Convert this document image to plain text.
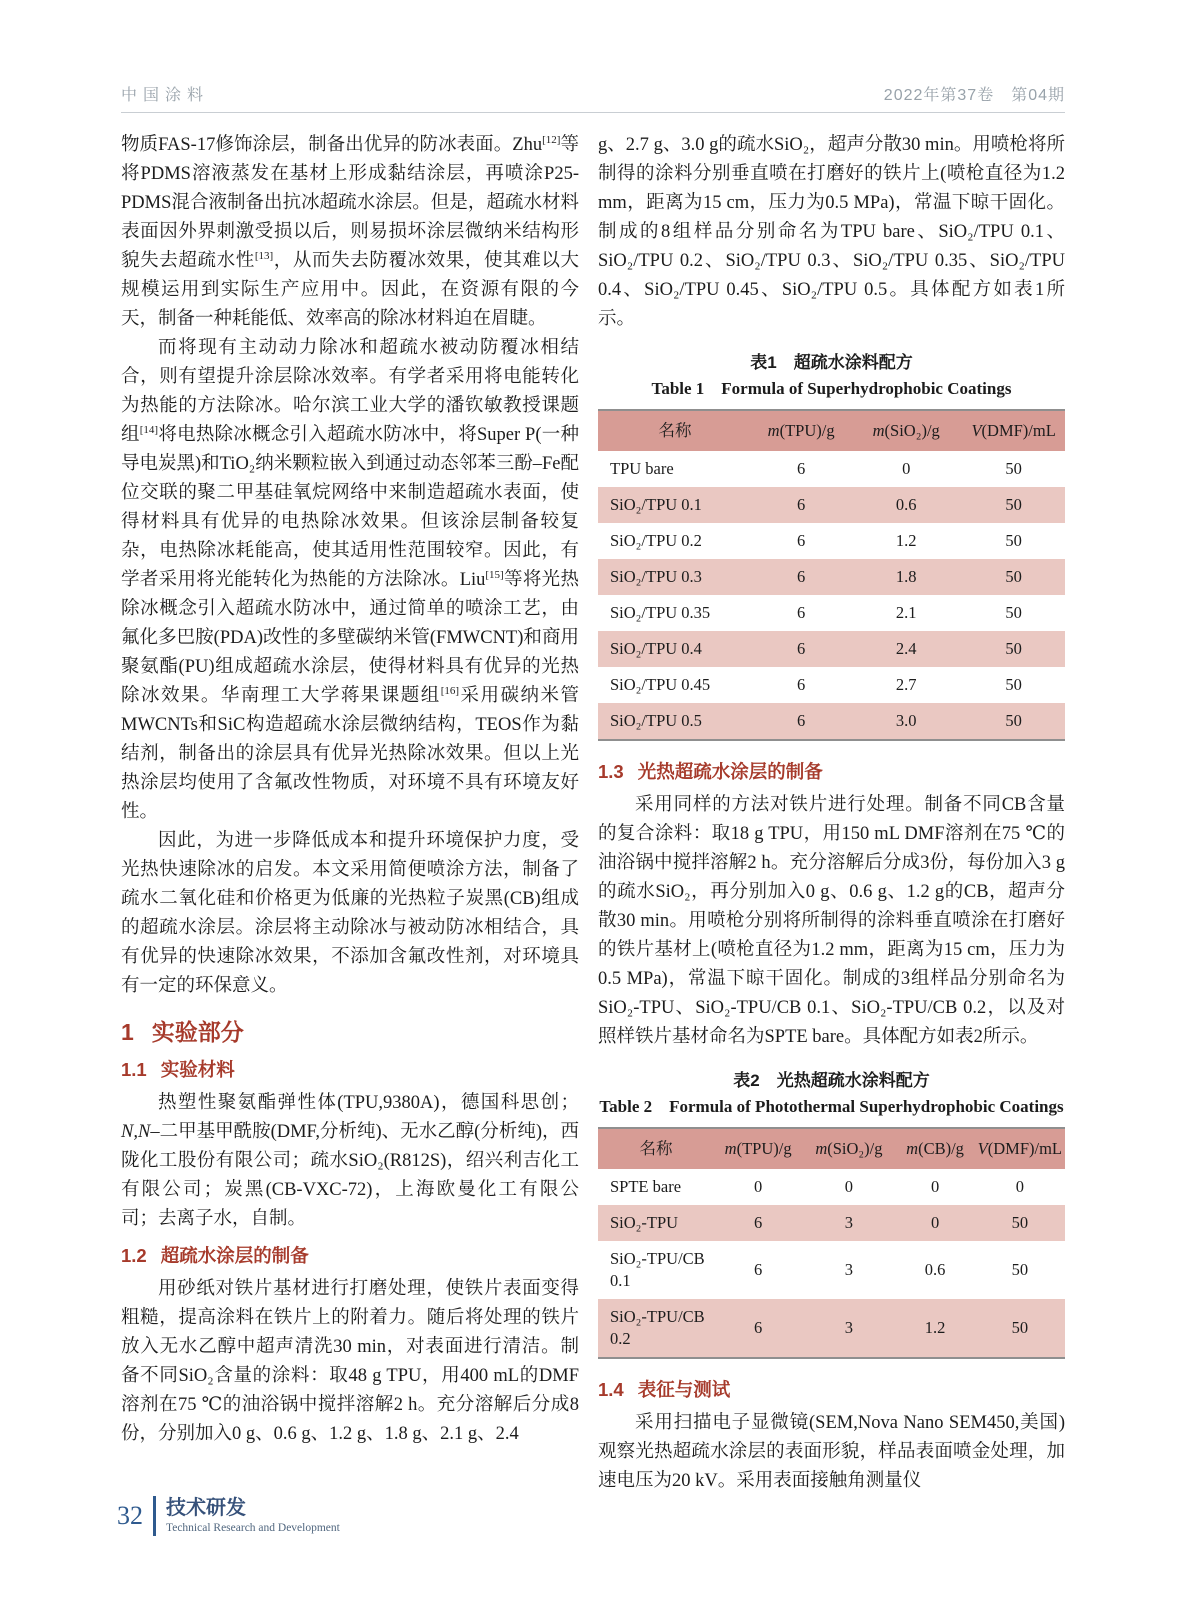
中国涂料	2022年第37卷　第04期

物质FAS-17修饰涂层，制备出优异的防冰表面。Zhu[12]等将PDMS溶液蒸发在基材上形成黏结涂层，再喷涂P25-PDMS混合液制备出抗冰超疏水涂层。但是，超疏水材料表面因外界刺激受损以后，则易损坏涂层微纳米结构形貌失去超疏水性[13]，从而失去防覆冰效果，使其难以大规模运用到实际生产应用中。因此，在资源有限的今天，制备一种耗能低、效率高的除冰材料迫在眉睫。

而将现有主动动力除冰和超疏水被动防覆冰相结合，则有望提升涂层除冰效率。有学者采用将电能转化为热能的方法除冰。哈尔滨工业大学的潘钦敏教授课题组[14]将电热除冰概念引入超疏水防冰中，将Super P(一种导电炭黑)和TiO₂纳米颗粒嵌入到通过动态邻苯三酚–Fe配位交联的聚二甲基硅氧烷网络中来制造超疏水表面，使得材料具有优异的电热除冰效果。但该涂层制备较复杂，电热除冰耗能高，使其适用性范围较窄。因此，有学者采用将光能转化为热能的方法除冰。Liu[15]等将光热除冰概念引入超疏水防冰中，通过简单的喷涂工艺，由氟化多巴胺(PDA)改性的多壁碳纳米管(FMWCNT)和商用聚氨酯(PU)组成超疏水涂层，使得材料具有优异的光热除冰效果。华南理工大学蒋果课题组[16]采用碳纳米管MWCNTs和SiC构造超疏水涂层微纳结构，TEOS作为黏结剂，制备出的涂层具有优异光热除冰效果。但以上光热涂层均使用了含氟改性物质，对环境不具有环境友好性。

因此，为进一步降低成本和提升环境保护力度，受光热快速除冰的启发。本文采用简便喷涂方法，制备了疏水二氧化硅和价格更为低廉的光热粒子炭黑(CB)组成的超疏水涂层。涂层将主动除冰与被动防冰相结合，具有优异的快速除冰效果，不添加含氟改性剂，对环境具有一定的环保意义。

1 实验部分
1.1 实验材料

热塑性聚氨酯弹性体(TPU,9380A)，德国科思创；N,N–二甲基甲酰胺(DMF,分析纯)、无水乙醇(分析纯)，西陇化工股份有限公司；疏水SiO₂(R812S)，绍兴利吉化工有限公司；炭黑(CB-VXC-72)，上海欧曼化工有限公司；去离子水，自制。

1.2 超疏水涂层的制备

用砂纸对铁片基材进行打磨处理，使铁片表面变得粗糙，提高涂料在铁片上的附着力。随后将处理的铁片放入无水乙醇中超声清洗30 min，对表面进行清洁。制备不同SiO₂含量的涂料：取48 g TPU，用400 mL的DMF溶剂在75 ℃的油浴锅中搅拌溶解2 h。充分溶解后分成8份，分别加入0 g、0.6 g、1.2 g、1.8 g、2.1 g、2.4

g、2.7 g、3.0 g的疏水SiO₂，超声分散30 min。用喷枪将所制得的涂料分别垂直喷在打磨好的铁片上(喷枪直径为1.2 mm，距离为15 cm，压力为0.5 MPa)，常温下晾干固化。制成的8组样品分别命名为TPU bare、SiO₂/TPU 0.1、SiO₂/TPU 0.2、SiO₂/TPU 0.3、SiO₂/TPU 0.35、SiO₂/TPU 0.4、SiO₂/TPU 0.45、SiO₂/TPU 0.5。具体配方如表1所示。

表1　超疏水涂料配方
Table 1　Formula of Superhydrophobic Coatings
名称	m(TPU)/g	m(SiO₂)/g	V(DMF)/mL
TPU bare	6	0	50
SiO₂/TPU 0.1	6	0.6	50
SiO₂/TPU 0.2	6	1.2	50
SiO₂/TPU 0.3	6	1.8	50
SiO₂/TPU 0.35	6	2.1	50
SiO₂/TPU 0.4	6	2.4	50
SiO₂/TPU 0.45	6	2.7	50
SiO₂/TPU 0.5	6	3.0	50
1.3 光热超疏水涂层的制备

采用同样的方法对铁片进行处理。制备不同CB含量的复合涂料：取18 g TPU，用150 mL DMF溶剂在75 ℃的油浴锅中搅拌溶解2 h。充分溶解后分成3份，每份加入3 g的疏水SiO₂，再分别加入0 g、0.6 g、1.2 g的CB，超声分散30 min。用喷枪分别将所制得的涂料垂直喷涂在打磨好的铁片基材上(喷枪直径为1.2 mm，距离为15 cm，压力为0.5 MPa)，常温下晾干固化。制成的3组样品分别命名为SiO₂-TPU、SiO₂-TPU/CB 0.1、SiO₂-TPU/CB 0.2，以及对照样铁片基材命名为SPTE bare。具体配方如表2所示。

表2　光热超疏水涂料配方
Table 2　Formula of Photothermal Superhydrophobic Coatings
名称	m(TPU)/g	m(SiO₂)/g	m(CB)/g	V(DMF)/mL
SPTE bare	0	0	0	0
SiO₂-TPU	6	3	0	50
SiO₂-TPU/​CB 0.1	6	3	0.6	50
SiO₂-TPU/​CB 0.2	6	3	1.2	50
1.4 表征与测试

采用扫描电子显微镜(SEM,Nova Nano SEM450,美国)观察光热超疏水涂层的表面形貌，样品表面喷金处理，加速电压为20 kV。采用表面接触角测量仪

32 技术研发
Technical Research and Development
